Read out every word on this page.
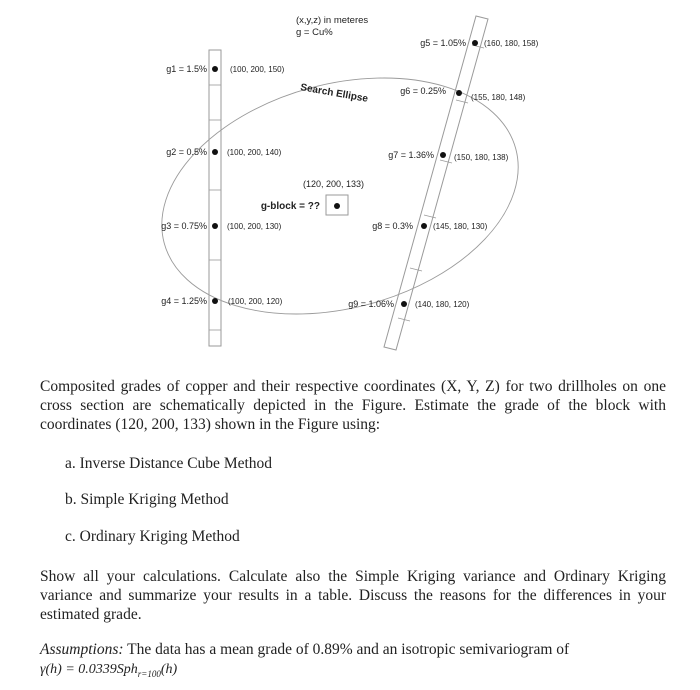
(x,y,z) in meteres
g = Cu%
Search Ellipse
g1 = 1.5%	(100, 200, 150)
g2 = 0.5%	(100, 200, 140)
g3 = 0.75%	(100, 200, 130)
g4 = 1.25%	(100, 200, 120)
g5 = 1.05% (160, 180, 158)
g6 = 0.25%
(155, 180, 148)
g7 = 1.36%	(150, 180, 138)
g8 = 0.3%	(145, 180, 130)
g9 = 1.06%	(140, 180, 120)
(120, 200, 133)
g-block = ??
Composited grades of copper and their respective coordinates (X, Y, Z) for two drillholes on one cross section are schematically depicted in the Figure. Estimate the grade of the block with coordinates (120, 200, 133) shown in the Figure using:
a. Inverse Distance Cube Method
b. Simple Kriging Method
c. Ordinary Kriging Method
Show all your calculations. Calculate also the Simple Kriging variance and Ordinary Kriging variance and summarize your results in a table. Discuss the reasons for the differences in your estimated grade.
Assumptions: The data has a mean grade of 0.89% and an isotropic semivariogram of
γ(h) = 0.0339Sph$_{r=100}$(h)
